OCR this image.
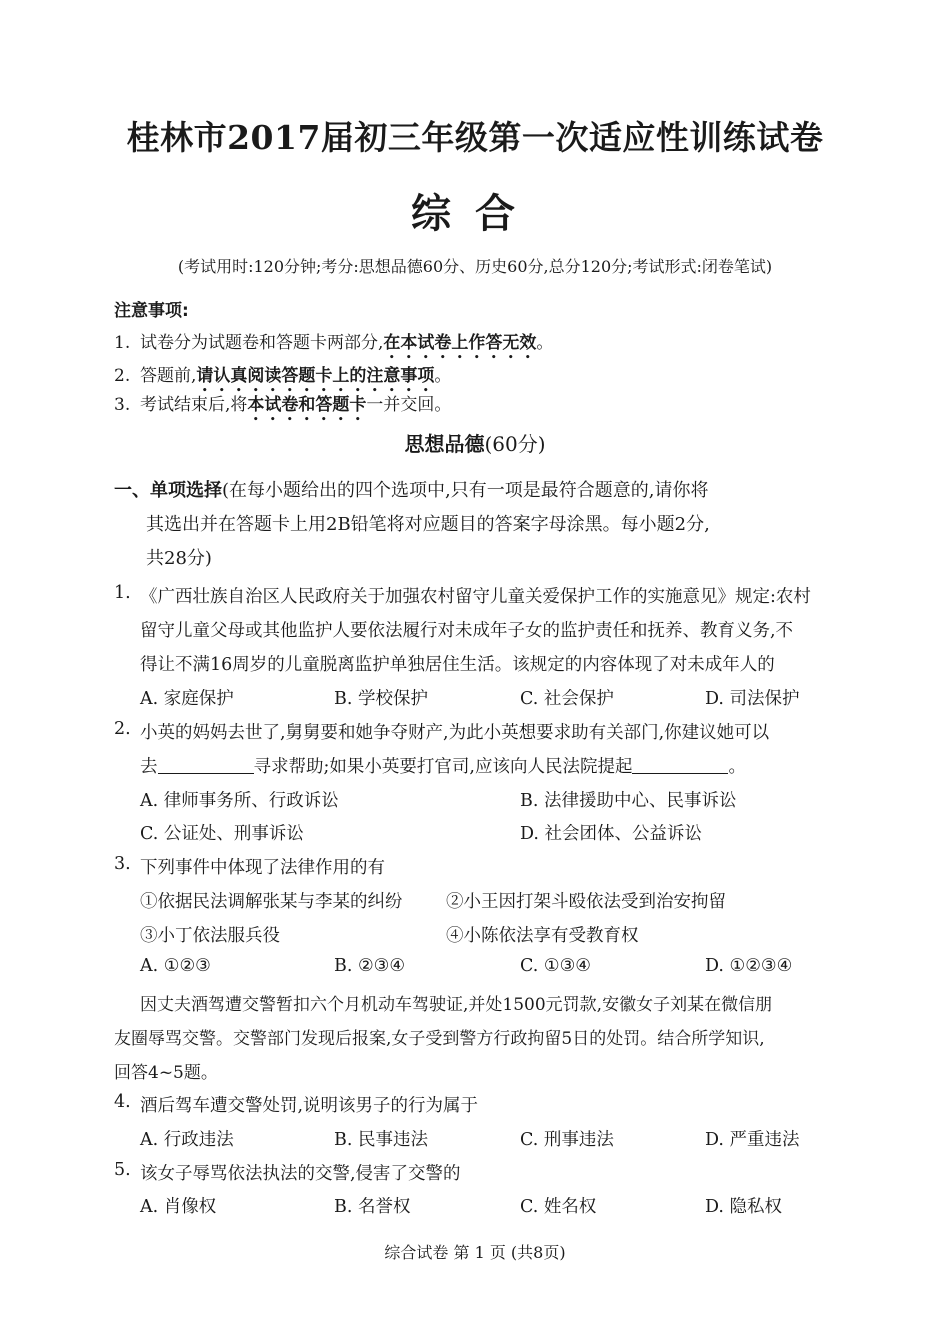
桂林市2017届初三年级第一次适应性训练试卷
综合
(考试用时:120分钟;考分:思想品德60分、历史60分,总分120分;考试形式:闭卷笔试)
注意事项:
1. 试卷分为试题卷和答题卡两部分,在本试卷上作答无效。
2. 答题前,请认真阅读答题卡上的注意事项。
3. 考试结束后,将本试卷和答题卡一并交回。
思想品德(60分)
一、单项选择(在每小题给出的四个选项中,只有一项是最符合题意的,请你将
其选出并在答题卡上用2B铅笔将对应题目的答案字母涂黑。每小题2分,
共28分)
1. 《广西壮族自治区人民政府关于加强农村留守儿童关爱保护工作的实施意见》规定:农村
留守儿童父母或其他监护人要依法履行对未成年子女的监护责任和抚养、教育义务,不
得让不满16周岁的儿童脱离监护单独居住生活。该规定的内容体现了对未成年人的
A. 家庭保护	B. 学校保护	C. 社会保护	D. 司法保护
2. 小英的妈妈去世了,舅舅要和她争夺财产,为此小英想要求助有关部门,你建议她可以
去	寻求帮助;如果小英要打官司,应该向人民法院提起	。
A. 律师事务所、行政诉讼	B. 法律援助中心、民事诉讼
C. 公证处、刑事诉讼	D. 社会团体、公益诉讼
3. 下列事件中体现了法律作用的有
①依据民法调解张某与李某的纠纷 ②小王因打架斗殴依法受到治安拘留
③小丁依法服兵役	④小陈依法享有受教育权
A. ①②③	B. ②③④	C. ①③④	D. ①②③④
因丈夫酒驾遭交警暂扣六个月机动车驾驶证,并处1500元罚款,安徽女子刘某在微信朋
友圈辱骂交警。交警部门发现后报案,女子受到警方行政拘留5日的处罚。结合所学知识,
回答4~5题。
4. 酒后驾车遭交警处罚,说明该男子的行为属于
A. 行政违法	B. 民事违法	C. 刑事违法	D. 严重违法
5. 该女子辱骂依法执法的交警,侵害了交警的
A. 肖像权	B. 名誉权	C. 姓名权	D. 隐私权
综合试卷 第 1 页 (共8页)
